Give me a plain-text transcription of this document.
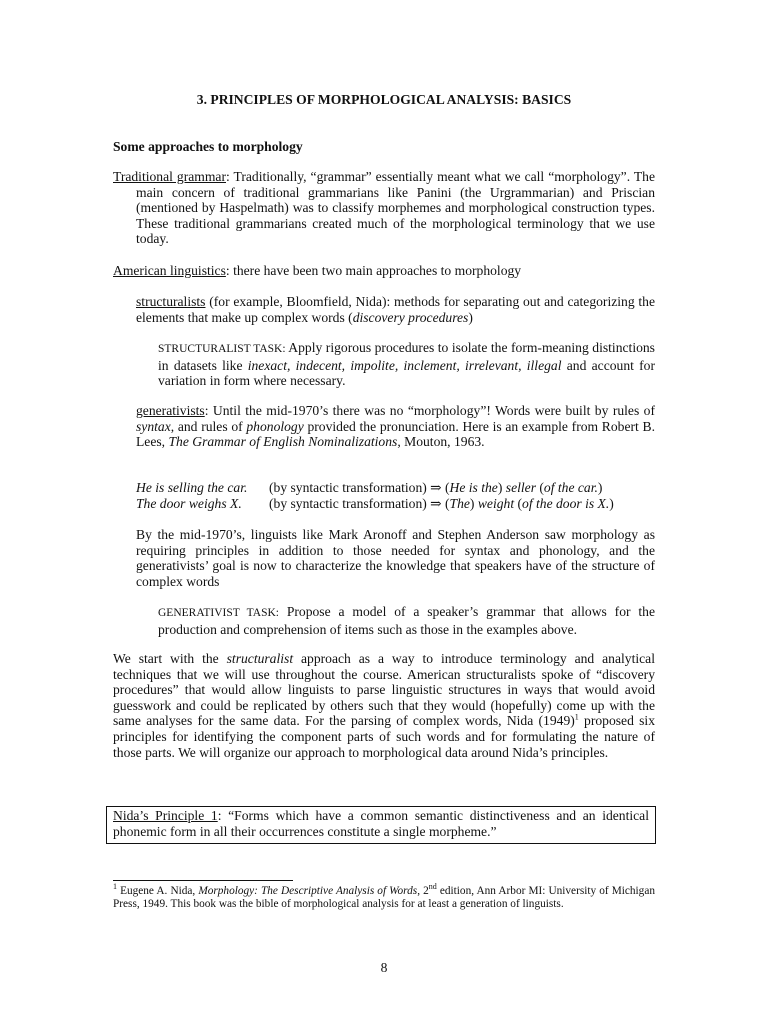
3. PRINCIPLES OF MORPHOLOGICAL ANALYSIS: BASICS

Some approaches to morphology

Traditional grammar: Traditionally, “grammar” essentially meant what we call “morphology”. The main concern of traditional grammarians like Panini (the Urgrammarian) and Priscian (mentioned by Haspelmath) was to classify morphemes and morphological construction types. These traditional grammarians created much of the morphological terminology that we use today.

American linguistics: there have been two main approaches to morphology

structuralists (for example, Bloomfield, Nida): methods for separating out and categorizing the elements that make up complex words (discovery procedures)

STRUCTURALIST TASK: Apply rigorous procedures to isolate the form-meaning distinctions in datasets like inexact, indecent, impolite, inclement, irrelevant, illegal and account for variation in form where necessary.

generativists: Until the mid-1970’s there was no “morphology”! Words were built by rules of syntax, and rules of phonology provided the pronunciation. Here is an example from Robert B. Lees, The Grammar of English Nominalizations, Mouton, 1963.

He is selling the car. (by syntactic transformation) ⇒ (He is the) seller (of the car.)
The door weighs X. (by syntactic transformation) ⇒ (The) weight (of the door is X.)

By the mid-1970’s, linguists like Mark Aronoff and Stephen Anderson saw morphology as requiring principles in addition to those needed for syntax and phonology, and the generativists’ goal is now to characterize the knowledge that speakers have of the structure of complex words

GENERATIVIST TASK: Propose a model of a speaker’s grammar that allows for the production and comprehension of items such as those in the examples above.

We start with the structuralist approach as a way to introduce terminology and analytical techniques that we will use throughout the course. American structuralists spoke of “discovery procedures” that would allow linguists to parse linguistic structures in ways that would avoid guesswork and could be replicated by others such that they would (hopefully) come up with the same analyses for the same data. For the parsing of complex words, Nida $(1949)^1$ proposed six principles for identifying the component parts of such words and for formulating the nature of those parts. We will organize our approach to morphological data around Nida’s principles.

Nida’s Principle 1: “Forms which have a common semantic distinctiveness and an identical phonemic form in all their occurrences constitute a single morpheme.”

$^1$ Eugene A. Nida, Morphology: The Descriptive Analysis of Words, 2nd edition, Ann Arbor MI: University of Michigan Press, 1949. This book was the bible of morphological analysis for at least a generation of linguists.

8
